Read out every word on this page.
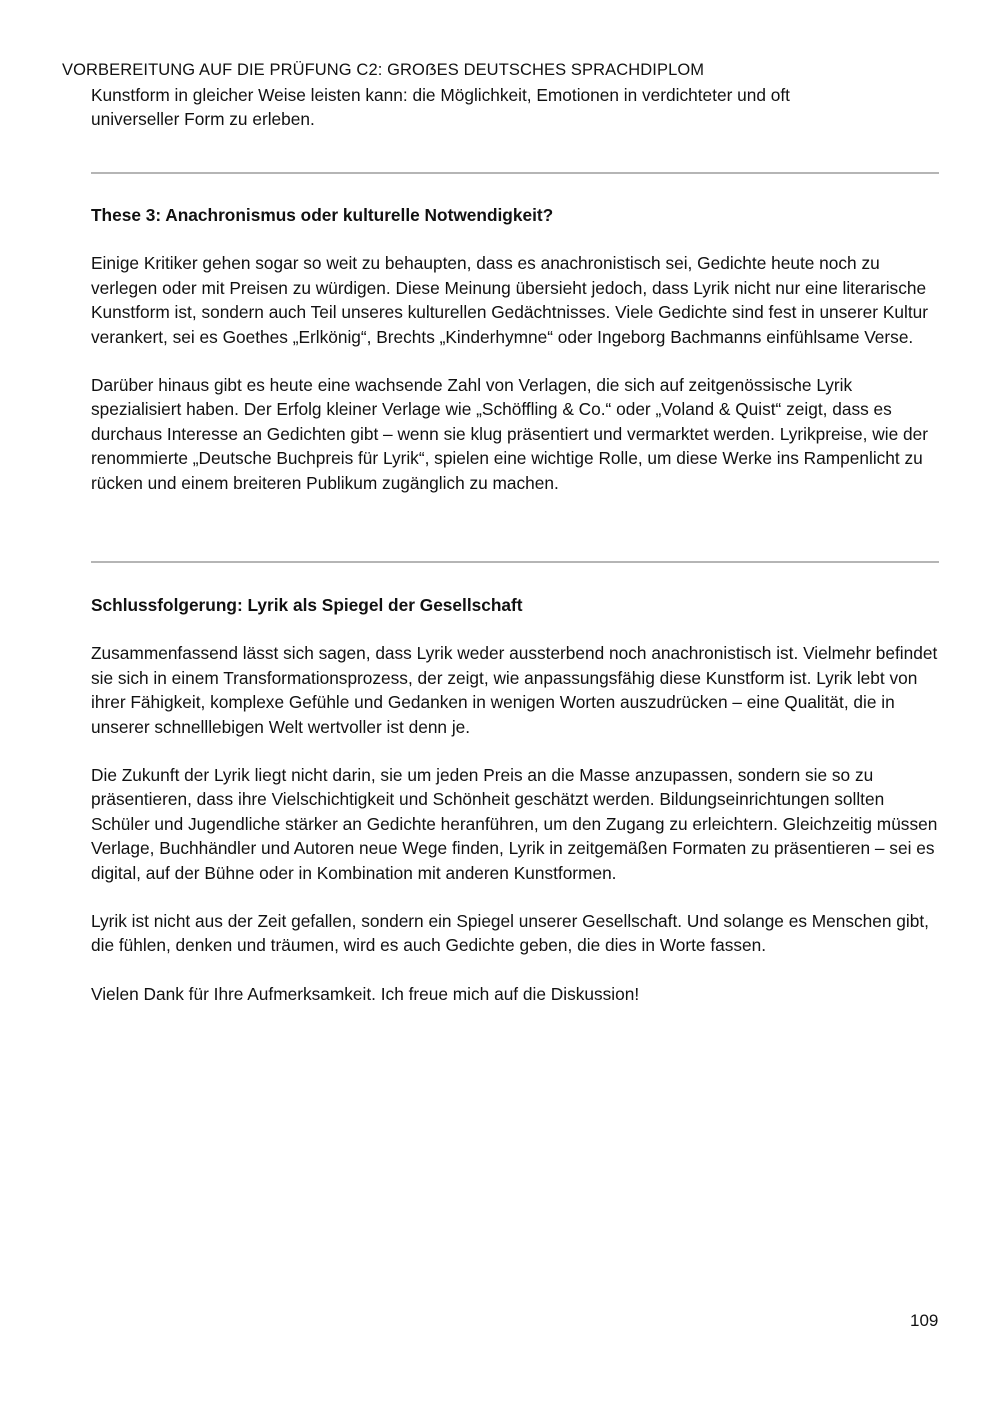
VORBEREITUNG AUF DIE PRÜFUNG C2: GROẞES DEUTSCHES SPRACHDIPLOM

Kunstform in gleicher Weise leisten kann: die Möglichkeit, Emotionen in verdichteter und oft universeller Form zu erleben.

These 3: Anachronismus oder kulturelle Notwendigkeit?

Einige Kritiker gehen sogar so weit zu behaupten, dass es anachronistisch sei, Gedichte heute noch zu verlegen oder mit Preisen zu würdigen. Diese Meinung übersieht jedoch, dass Lyrik nicht nur eine literarische Kunstform ist, sondern auch Teil unseres kulturellen Gedächtnisses. Viele Gedichte sind fest in unserer Kultur verankert, sei es Goethes „Erlkönig“, Brechts „Kinderhymne“ oder Ingeborg Bachmanns einfühlsame Verse.

Darüber hinaus gibt es heute eine wachsende Zahl von Verlagen, die sich auf zeitgenössische Lyrik spezialisiert haben. Der Erfolg kleiner Verlage wie „Schöffling & Co.“ oder „Voland & Quist“ zeigt, dass es durchaus Interesse an Gedichten gibt – wenn sie klug präsentiert und vermarktet werden. Lyrikpreise, wie der renommierte „Deutsche Buchpreis für Lyrik“, spielen eine wichtige Rolle, um diese Werke ins Rampenlicht zu rücken und einem breiteren Publikum zugänglich zu machen.

Schlussfolgerung: Lyrik als Spiegel der Gesellschaft

Zusammenfassend lässt sich sagen, dass Lyrik weder aussterbend noch anachronistisch ist. Vielmehr befindet sie sich in einem Transformationsprozess, der zeigt, wie anpassungsfähig diese Kunstform ist. Lyrik lebt von ihrer Fähigkeit, komplexe Gefühle und Gedanken in wenigen Worten auszudrücken – eine Qualität, die in unserer schnelllebigen Welt wertvoller ist denn je.

Die Zukunft der Lyrik liegt nicht darin, sie um jeden Preis an die Masse anzupassen, sondern sie so zu präsentieren, dass ihre Vielschichtigkeit und Schönheit geschätzt werden. Bildungseinrichtungen sollten Schüler und Jugendliche stärker an Gedichte heranführen, um den Zugang zu erleichtern. Gleichzeitig müssen Verlage, Buchhändler und Autoren neue Wege finden, Lyrik in zeitgemäßen Formaten zu präsentieren – sei es digital, auf der Bühne oder in Kombination mit anderen Kunstformen.

Lyrik ist nicht aus der Zeit gefallen, sondern ein Spiegel unserer Gesellschaft. Und solange es Menschen gibt, die fühlen, denken und träumen, wird es auch Gedichte geben, die dies in Worte fassen.

Vielen Dank für Ihre Aufmerksamkeit. Ich freue mich auf die Diskussion!

109
